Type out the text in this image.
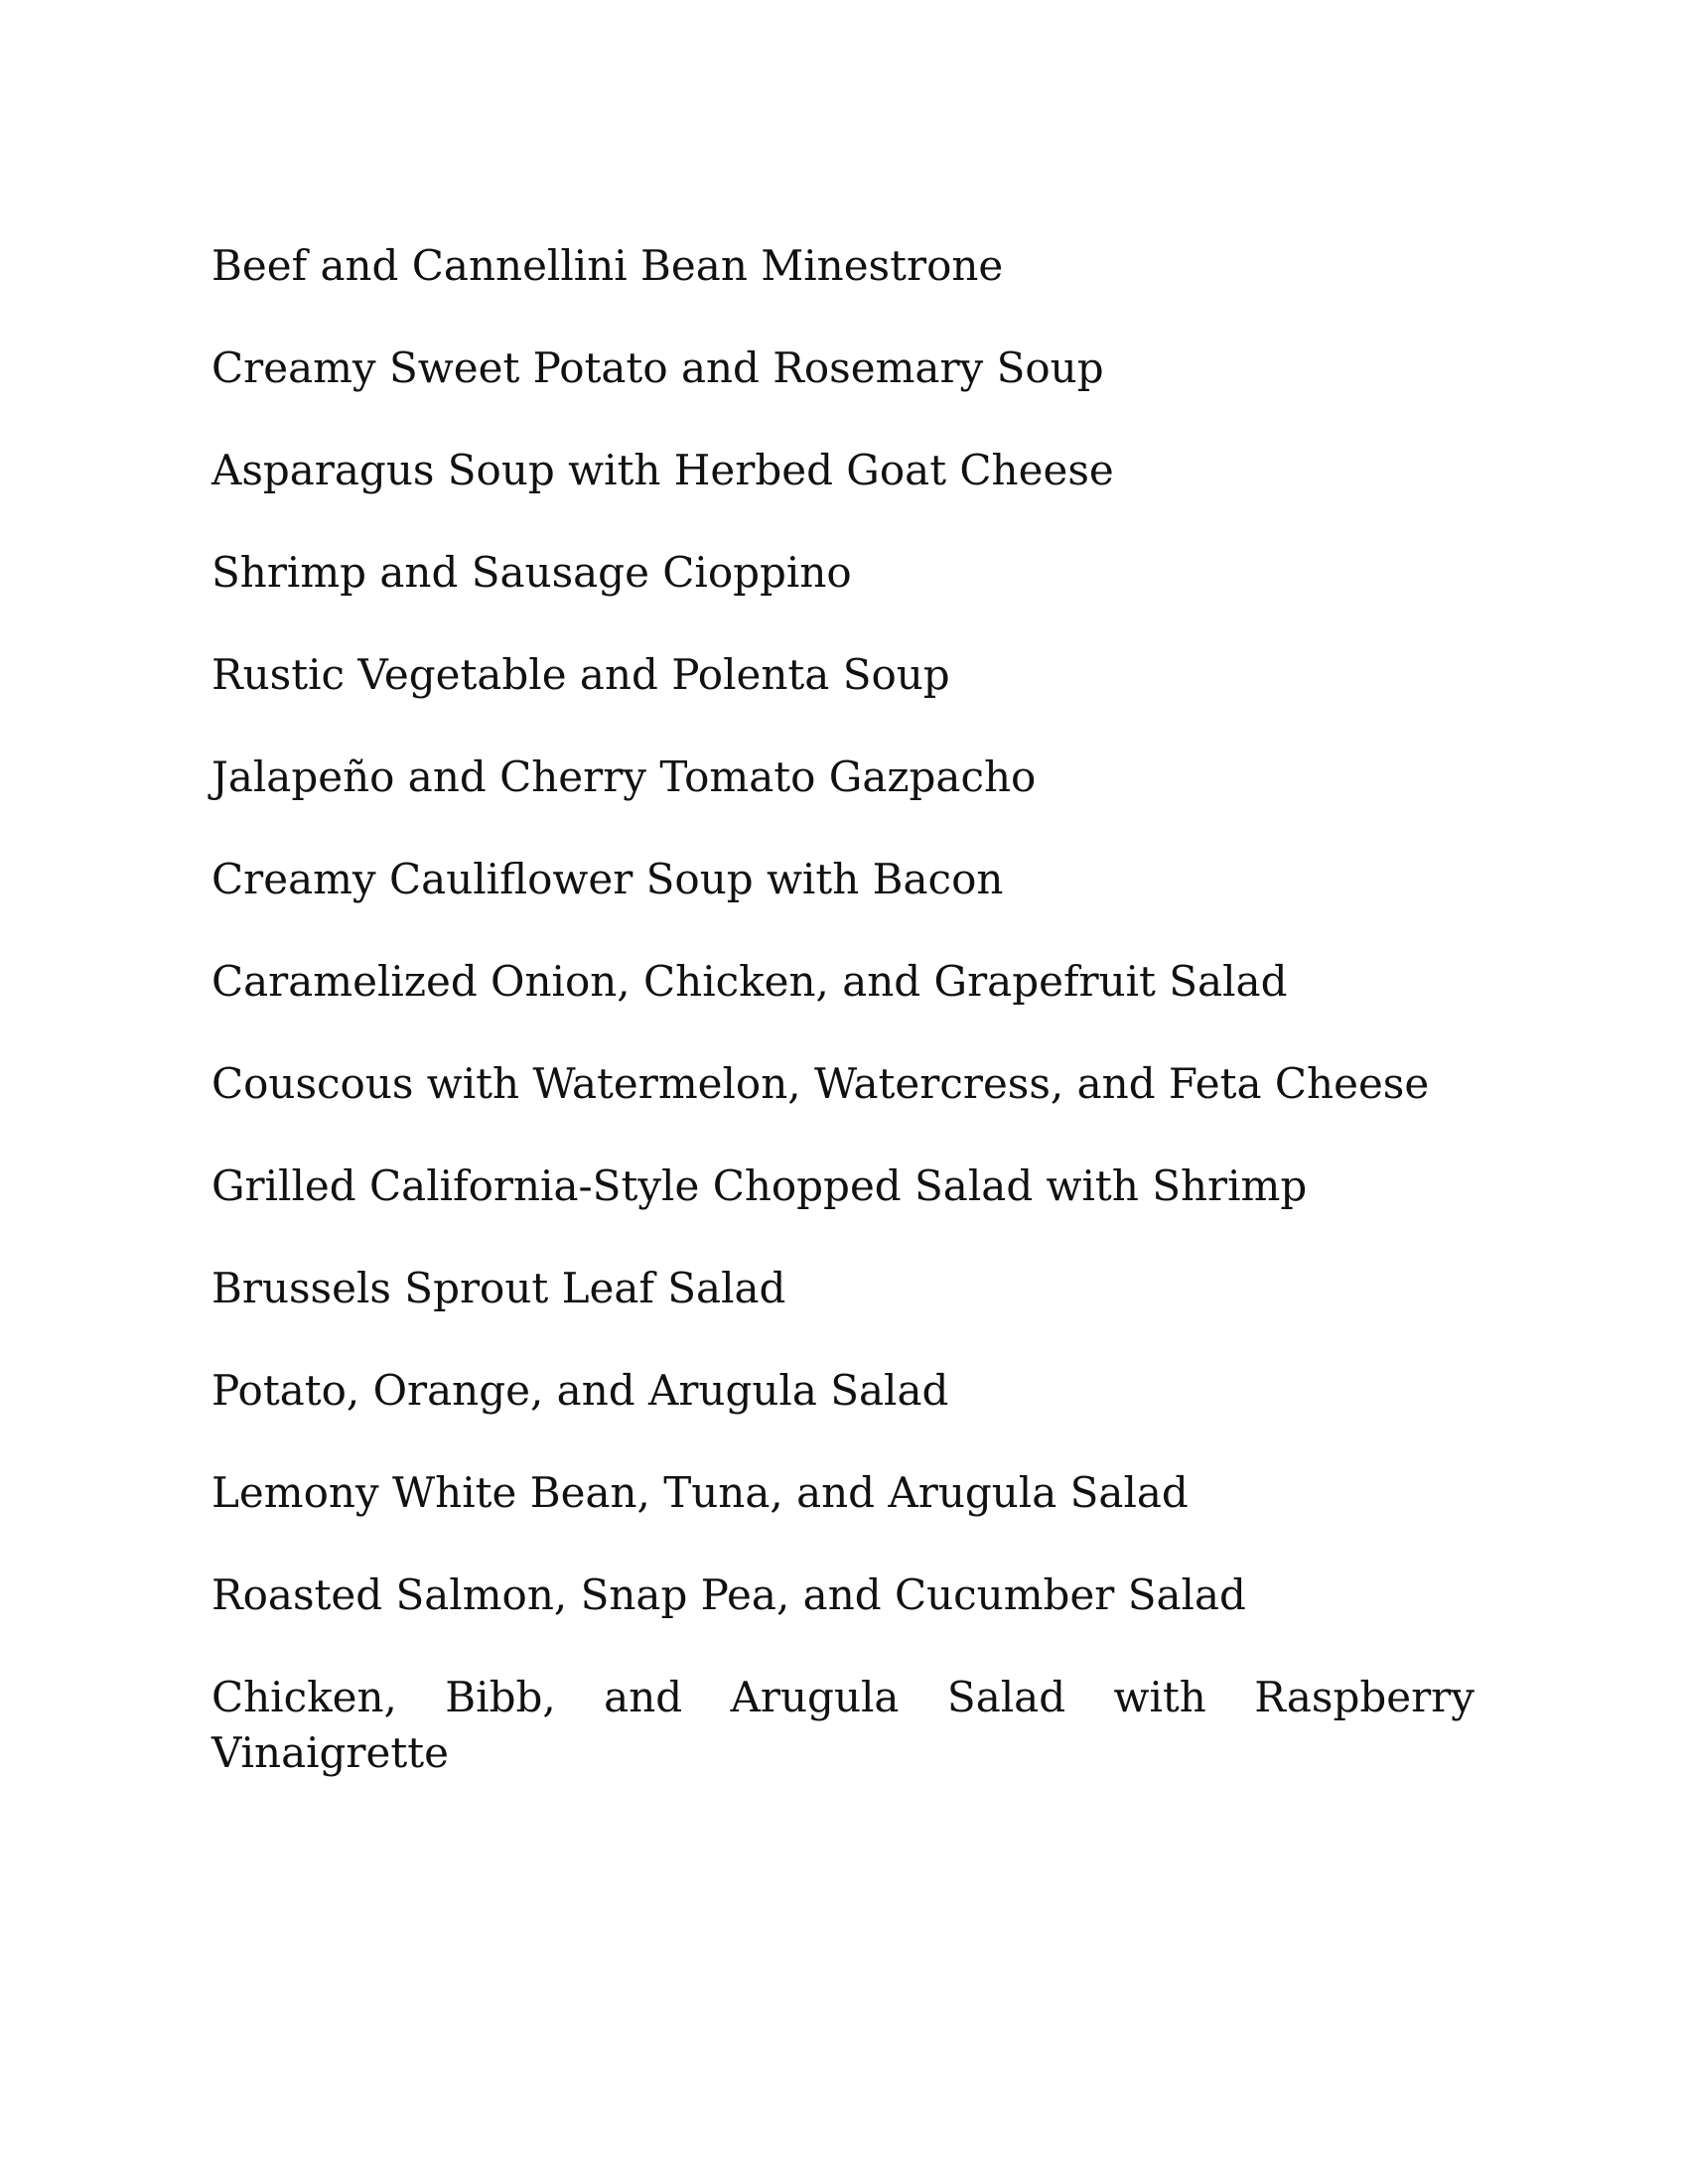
Beef and Cannellini Bean Minestrone
Creamy Sweet Potato and Rosemary Soup
Asparagus Soup with Herbed Goat Cheese
Shrimp and Sausage Cioppino
Rustic Vegetable and Polenta Soup
Jalapeño and Cherry Tomato Gazpacho
Creamy Cauliflower Soup with Bacon
Caramelized Onion, Chicken, and Grapefruit Salad
Couscous with Watermelon, Watercress, and Feta Cheese
Grilled California-Style Chopped Salad with Shrimp
Brussels Sprout Leaf Salad
Potato, Orange, and Arugula Salad
Lemony White Bean, Tuna, and Arugula Salad
Roasted Salmon, Snap Pea, and Cucumber Salad
Chicken, Bibb, and Arugula Salad with Raspberry Vinaigrette
